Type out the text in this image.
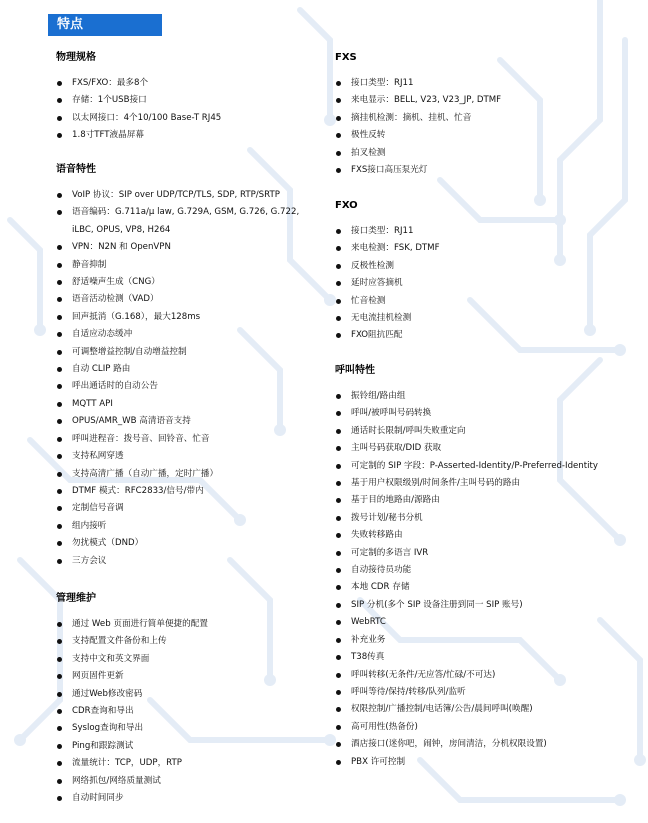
特点
物理规格
FXS/FXO：最多8个
存储：1个USB接口
以太网接口：4个10/100 Base-T RJ45
1.8寸TFT液晶屏幕
语音特性
VoIP 协议：SIP over UDP/TCP/TLS, SDP, RTP/SRTP
语音编码：G.711a/μ law, G.729A, GSM, G.726, G.722, iLBC, OPUS, VP8, H264
VPN：N2N 和 OpenVPN
静音抑制
舒适噪声生成（CNG）
语音活动检测（VAD）
回声抵消（G.168），最大128ms
自适应动态缓冲
可调整增益控制/自动增益控制
自动 CLIP 路由
呼出通话时的自动公告
MQTT API
OPUS/AMR_WB 高清语音支持
呼叫进程音：拨号音、回铃音、忙音
支持私网穿透
支持高清广播（自动广播，定时广播）
DTMF 模式：RFC2833/信号/带内
定制信号音调
组内接听
勿扰模式（DND）
三方会议
管理维护
通过 Web 页面进行简单便捷的配置
支持配置文件备份和上传
支持中文和英文界面
网页固件更新
通过Web修改密码
CDR查询和导出
Syslog查询和导出
Ping和跟踪测试
流量统计：TCP，UDP，RTP
网络抓包/网络质量测试
自动时间同步
FXS
接口类型：RJ11
来电显示：BELL, V23, V23_JP, DTMF
摘挂机检测：摘机、挂机、忙音
极性反转
拍叉检测
FXS接口高压泵光灯
FXO
接口类型：RJ11
来电检测：FSK, DTMF
反极性检测
延时应答摘机
忙音检测
无电流挂机检测
FXO阻抗匹配
呼叫特性
振铃组/路由组
呼叫/被呼叫号码转换
通话时长限制/呼叫失败重定向
主叫号码获取/DID 获取
可定制的 SIP 字段：P-Asserted-Identity/P-Preferred-Identity
基于用户权限级别/时间条件/主叫号码的路由
基于目的地路由/源路由
拨号计划/秘书分机
失败转移路由
可定制的多语言 IVR
自动接待员功能
本地 CDR 存储
SIP 分机(多个 SIP 设备注册到同一 SIP 账号)
WebRTC
补充业务
T38传真
呼叫转移(无条件/无应答/忙碌/不可达)
呼叫等待/保持/转移/队列/监听
权限控制/广播控制/电话簿/公告/晨间呼叫(唤醒)
高可用性(热备份)
酒店接口(迷你吧，闹钟，房间清洁，分机权限设置)
PBX 许可控制
